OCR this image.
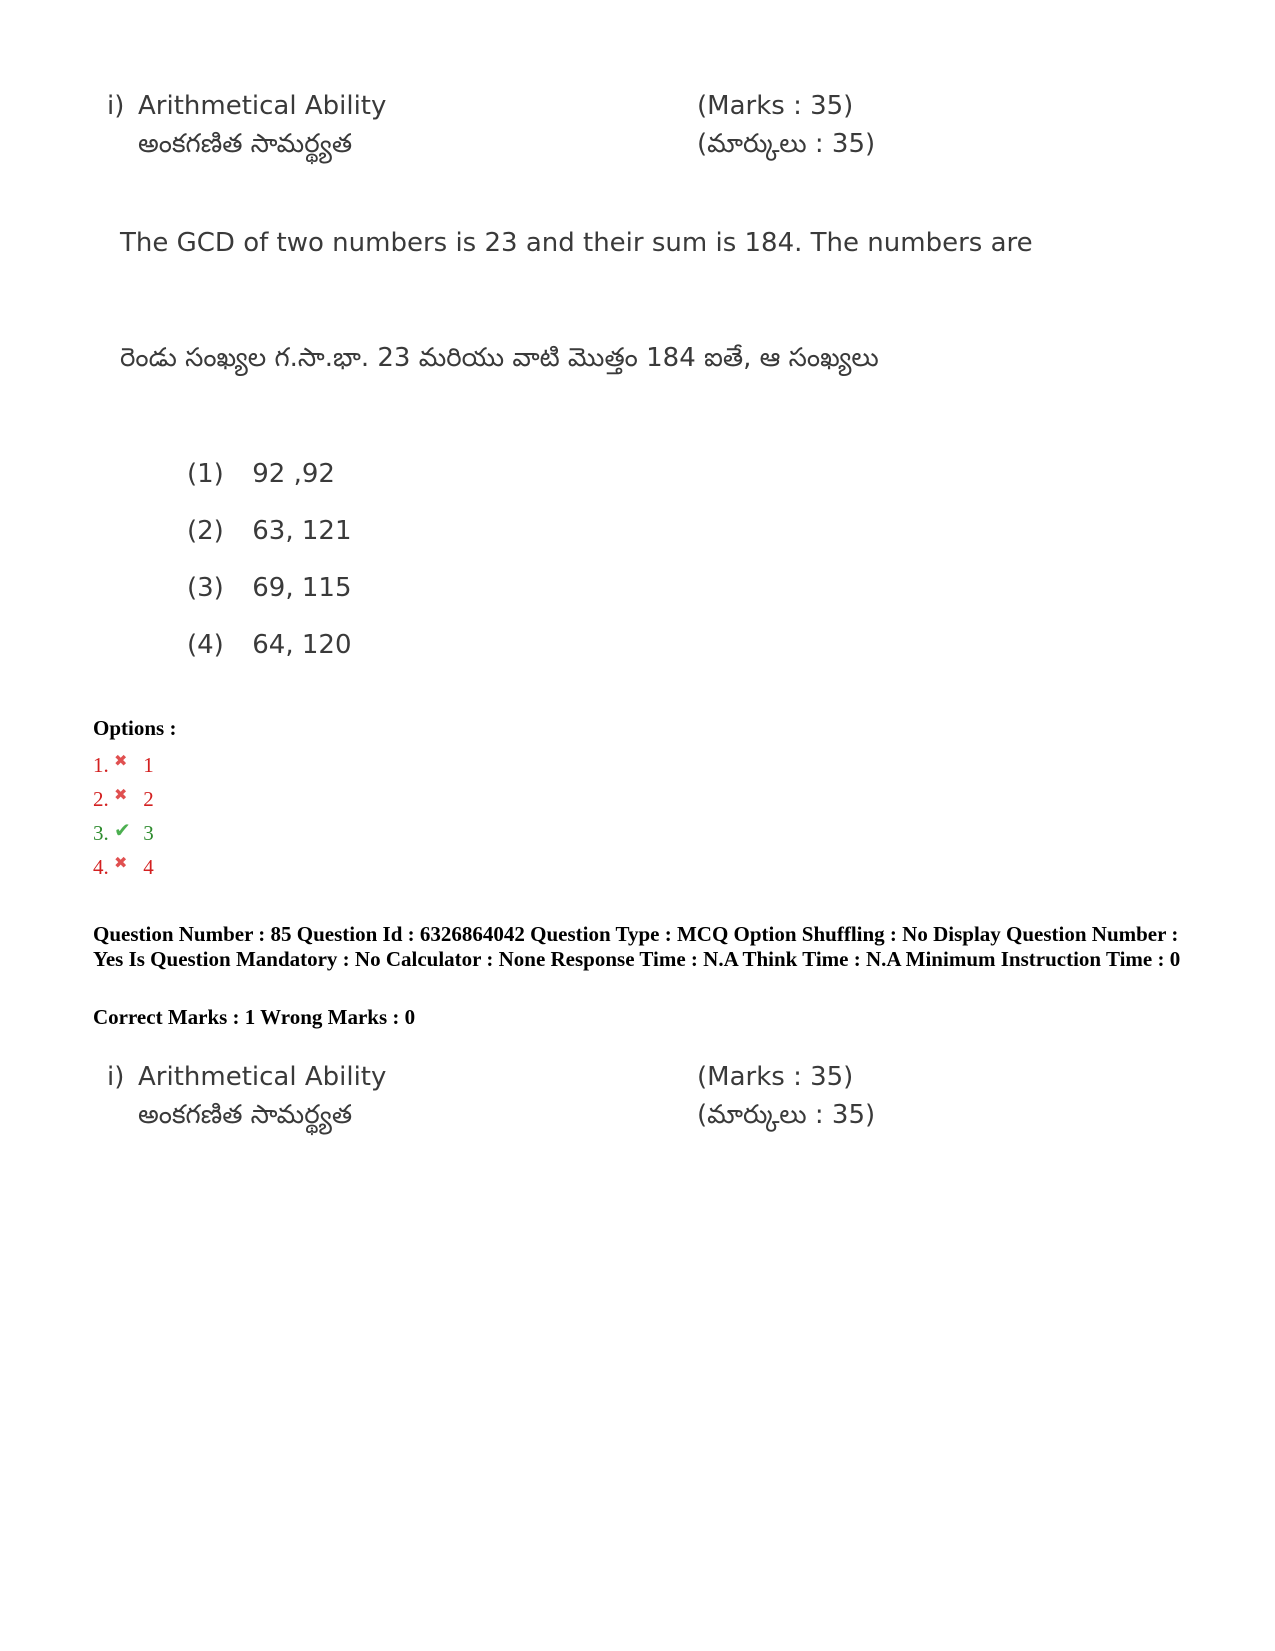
i) Arithmetical Ability	(Marks : 35)
అంకగణిత సామర్థ్యత	(మార్కులు : 35)
The GCD of two numbers is 23 and their sum is 184. The numbers are
రెండు సంఖ్యల గ.సా.భా. 23 మరియు వాటి మొత్తం 184 ఐతే, ఆ సంఖ్యలు
(1) 92 ,92
(2) 63, 121
(3) 69, 115
(4) 64, 120
Options :
1. ✖ 1
2. ✖ 2
3. ✔ 3
4. ✖ 4
Question Number : 85 Question Id : 6326864042 Question Type : MCQ Option Shuffling : No Display Question Number : Yes Is Question Mandatory : No Calculator : None Response Time : N.A Think Time : N.A Minimum Instruction Time : 0
Correct Marks : 1 Wrong Marks : 0
i) Arithmetical Ability	(Marks : 35)
అంకగణిత సామర్థ్యత	(మార్కులు : 35)
